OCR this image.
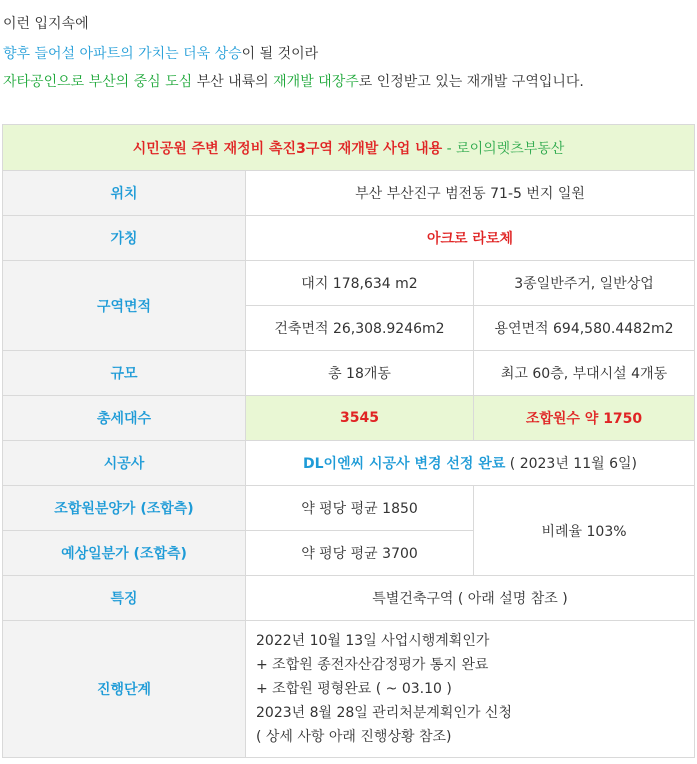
이런 입지속에
향후 들어설 아파트의 가치는 더욱 상승이 될 것이라
자타공인으로 부산의 중심 도심 부산 내륙의 재개발 대장주로 인정받고 있는 재개발 구역입니다.
시민공원 주변 재정비 촉진3구역 재개발 사업 내용 - 로이의렛츠부동산		
위치	부산 부산진구 범전동 71-5 번지 일원	
가칭	아크로 라로체	
구역면적	대지 178,634 m2	3종일반주거, 일반상업
	건축면적 26,308.9246m2	용연면적 694,580.4482m2
규모	총 18개동	최고 60층, 부대시설 4개동
총세대수	3545	조합원수 약 1750
시공사	DL이엔씨 시공사 변경 선정 완료 ( 2023년 11월 6일)	
조합원분양가 (조합측)	약 평당 평균 1850	비례율 103%
예상일분가 (조합측)	약 평당 평균 3700	
특징	특별건축구역 ( 아래 설명 참조 )	
진행단계	2022년 10월 13일 사업시행계획인가
+ 조합원 종전자산감정평가 통지 완료
+ 조합원 평형완료 ( ~ 03.10 )
2023년 8월 28일 관리처분계획인가 신청
( 상세 사항 아래 진행상황 참조)	
